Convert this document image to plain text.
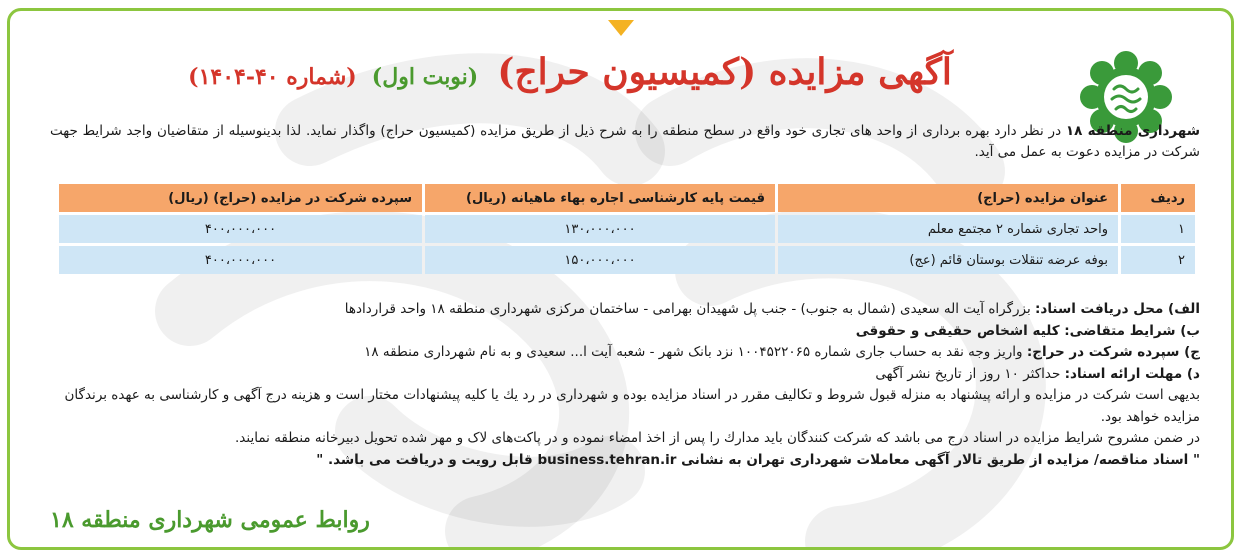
آگهی مزایده (کمیسیون حراج) (نوبت اول) (شماره ۴۰-۱۴۰۴)
شهرداری منطقه ۱۸ در نظر دارد بهره برداری از واحد های تجاری خود واقع در سطح منطقه را به شرح ذیل از طریق مزایده (کمیسیون حراج) واگذار نماید. لذا بدینوسیله از متقاضیان واجد شرایط جهت شرکت در مزایده دعوت به عمل می آید.
ردیف	عنوان مزایده (حراج)	قیمت پایه کارشناسی اجاره بهاء ماهیانه (ریال)	سپرده شرکت در مزایده (حراج) (ریال)
۱	واحد تجاری شماره ۲ مجتمع معلم	۱۳۰،۰۰۰،۰۰۰	۴۰۰،۰۰۰،۰۰۰
۲	بوفه عرضه تنقلات بوستان قائم (عج)	۱۵۰،۰۰۰،۰۰۰	۴۰۰،۰۰۰،۰۰۰

الف) محل دریافت اسناد: بزرگراه آیت اله سعیدی (شمال به جنوب) - جنب پل شهیدان بهرامی - ساختمان مرکزی شهرداری منطقه ۱۸ واحد قراردادها

ب) شرایط متقاضی: کلیه اشخاص حقیقی و حقوقی

ج) سپرده شرکت در حراج: واریز وجه نقد به حساب جاری شماره ۱۰۰۴۵۲۲۰۶۵ نزد بانک شهر - شعبه آیت ا... سعیدی و به نام شهرداری منطقه ۱۸

د) مهلت ارائه اسناد: حداکثر ۱۰ روز از تاریخ نشر آگهی

بدیهی است شرکت در مزایده و ارائه پیشنهاد به منزله قبول شروط و تکالیف مقرر در اسناد مزایده بوده و شهرداری در رد یك یا کلیه پیشنهادات مختار است و هزینه درج آگهی و کارشناسی به عهده برندگان مزایده خواهد بود.

در ضمن مشروح شرایط مزایده در اسناد درج می باشد که شرکت کنندگان باید مدارك را پس از اخذ امضاء نموده و در پاکت‌های لاک و مهر شده تحویل دبیرخانه منطقه نمایند.

" اسناد مناقصه/ مزایده از طریق تالار آگهی معاملات شهرداری تهران به نشانی business.tehran.ir قابل رویت و دریافت می باشد. "

روابط عمومی شهرداری منطقه ۱۸
